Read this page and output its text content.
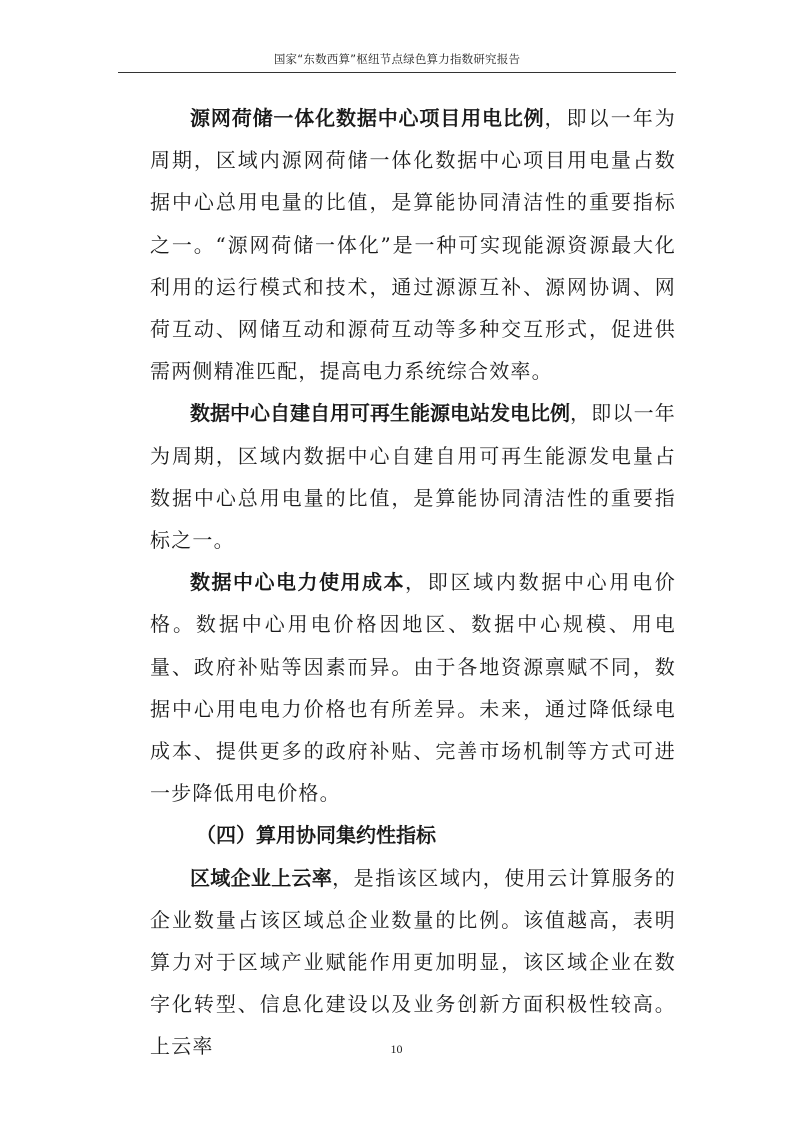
国家“东数西算”枢纽节点绿色算力指数研究报告

源网荷储一体化数据中心项目用电比例，即以一年为周期，区域内源网荷储一体化数据中心项目用电量占数据中心总用电量的比值，是算能协同清洁性的重要指标之一。“源网荷储一体化”是一种可实现能源资源最大化利用的运行模式和技术，通过源源互补、源网协调、网荷互动、网储互动和源荷互动等多种交互形式，促进供需两侧精准匹配，提高电力系统综合效率。

数据中心自建自用可再生能源电站发电比例，即以一年为周期，区域内数据中心自建自用可再生能源发电量占数据中心总用电量的比值，是算能协同清洁性的重要指标之一。

数据中心电力使用成本，即区域内数据中心用电价格。数据中心用电价格因地区、数据中心规模、用电量、政府补贴等因素而异。由于各地资源禀赋不同，数据中心用电电力价格也有所差异。未来，通过降低绿电成本、提供更多的政府补贴、完善市场机制等方式可进一步降低用电价格。

（四）算用协同集约性指标

区域企业上云率，是指该区域内，使用云计算服务的企业数量占该区域总企业数量的比例。该值越高，表明算力对于区域产业赋能作用更加明显，该区域企业在数字化转型、信息化建设以及业务创新方面积极性较高。上云率	10
